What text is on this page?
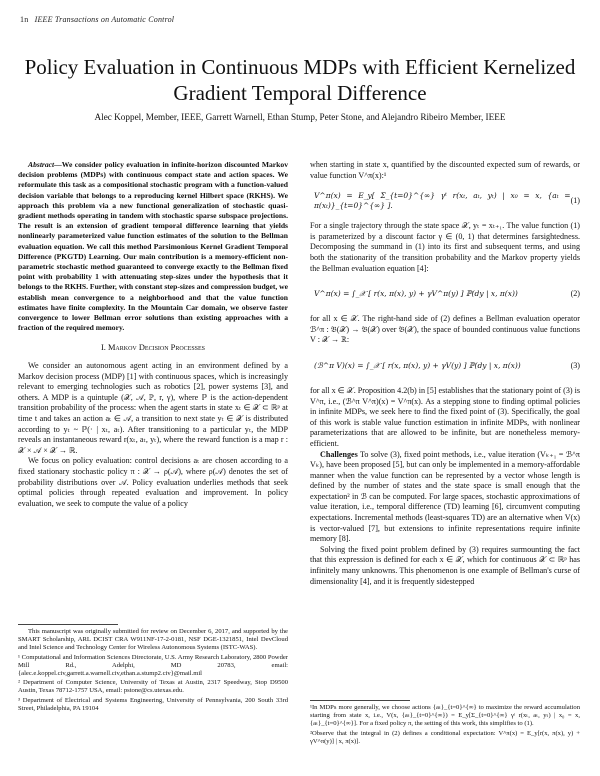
1n IEEE Transactions on Automatic Control
Policy Evaluation in Continuous MDPs with Efficient Kernelized Gradient Temporal Difference
Alec Koppel, Member, IEEE, Garrett Warnell, Ethan Stump, Peter Stone, and Alejandro Ribeiro Member, IEEE

Abstract—We consider policy evaluation in infinite-horizon discounted Markov decision problems (MDPs) with continuous compact state and action spaces. We reformulate this task as a compositional stochastic program with a function-valued decision variable that belongs to a reproducing kernel Hilbert space (RKHS). We approach this problem via a new functional generalization of stochastic quasi-gradient methods operating in tandem with stochastic sparse subspace projections. The result is an extension of gradient temporal difference learning that yields nonlinearly parameterized value function estimates of the solution to the Bellman evaluation equation. We call this method Parsimonious Kernel Gradient Temporal Difference (PKGTD) Learning. Our main contribution is a memory-efficient non-parametric stochastic method guaranteed to converge exactly to the Bellman fixed point with probability 1 with attenuating step-sizes under the hypothesis that it belongs to the RKHS. Further, with constant step-sizes and compression budget, we establish mean convergence to a neighborhood and that the value function estimates have finite complexity. In the Mountain Car domain, we observe faster convergence to lower Bellman error solutions than existing approaches with a fraction of the required memory.

I. Markov Decision Processes

We consider an autonomous agent acting in an environment defined by a Markov decision process (MDP) [1] with continuous spaces, which is increasingly relevant to emerging technologies such as robotics [2], power systems [3], and others. A MDP is a quintuple (𝒳, 𝒜, ℙ, r, γ), where ℙ is the action-dependent transition probability of the process: when the agent starts in state xₜ ∈ 𝒳 ⊂ ℝᵖ at time t and takes an action aₜ ∈ 𝒜, a transition to next state yₜ ∈ 𝒳 is distributed according to yₜ ~ ℙ(· | xₜ, aₜ). After transitioning to a particular yₜ, the MDP reveals an instantaneous reward r(xₜ, aₜ, yₜ), where the reward function is a map r : 𝒳 × 𝒜 × 𝒳 → ℝ.

We focus on policy evaluation: control decisions aₜ are chosen according to a fixed stationary stochastic policy π : 𝒳 → ρ(𝒜), where ρ(𝒜) denotes the set of probability distributions over 𝒜. Policy evaluation underlies methods that seek optimal policies through repeated evaluation and improvement. In policy evaluation, we seek to compute the value of a policy

This manuscript was originally submitted for review on December 6, 2017, and supported by the SMART Scholarship, ARL DCIST CRA W911NF-17-2-0181, NSF DGE-1321851, Intel DevCloud and Intel Science and Technology Center for Wireless Autonomous Systems (ISTC-WAS).

¹ Computational and Information Sciences Directorate, U.S. Army Research Laboratory, 2800 Powder Mill Rd., Adelphi, MD 20783, email: {alec.e.koppel.civ,garrett.a.warnell.civ,ethan.a.stump2.civ}@mail.mil

² Department of Computer Science, University of Texas at Austin, 2317 Speedway, Stop D9500 Austin, Texas 78712-1757 USA, email: pstone@cs.utexas.edu.

³ Department of Electrical and Systems Engineering, University of Pennsylvania, 200 South 33rd Street, Philadelphia, PA 19104

when starting in state x, quantified by the discounted expected sum of rewards, or value function V^π(x):¹

V^π(x) = E_y[ Σ_{t=0}^{∞} γᵗ r(xₜ, aₜ, yₜ) | x₀ = x, {aₜ = π(xₜ)}_{t=0}^{∞} ].
(1)

For a single trajectory through the state space 𝒳, yₜ = xₜ₊₁. The value function (1) is parameterized by a discount factor γ ∈ (0, 1) that determines farsightedness. Decomposing the summand in (1) into its first and subsequent terms, and using both the stationarity of the transition probability and the Markov property yields the Bellman evaluation equation [4]:

V^π(x) = ∫_𝒳 [ r(x, π(x), y) + γV^π(y) ] ℙ(dy | x, π(x))	(2)

for all x ∈ 𝒳. The right-hand side of (2) defines a Bellman evaluation operator ℬ^π : 𝔅(𝒳) → 𝔅(𝒳) over 𝔅(𝒳), the space of bounded continuous value functions V : 𝒳 → ℝ:

(ℬ^π V)(x) = ∫_𝒳 [ r(x, π(x), y) + γV(y) ] ℙ(dy | x, π(x))	(3)

for all x ∈ 𝒳. Proposition 4.2(b) in [5] establishes that the stationary point of (3) is V^π, i.e., (ℬ^π V^π)(x) = V^π(x). As a stepping stone to finding optimal policies in infinite MDPs, we seek here to find the fixed point of (3). Specifically, the goal of this work is stable value function estimation in infinite MDPs, with nonlinear parameterizations that are allowed to be infinite, but are nonetheless memory-efficient.

Challenges To solve (3), fixed point methods, i.e., value iteration (Vₖ₊₁ = ℬ^π Vₖ), have been proposed [5], but can only be implemented in a memory-affordable manner when the value function can be represented by a vector whose length is defined by the number of states and the state space is small enough that the expectation² in ℬ can be computed. For large spaces, stochastic approximations of value iteration, i.e., temporal difference (TD) learning [6], circumvent computing expectations. Incremental methods (least-squares TD) are an alternative when V(x) is vector-valued [7], but extensions to infinite representations require infinite memory [8].

Solving the fixed point problem defined by (3) requires surmounting the fact that this expression is defined for each x ∈ 𝒳, which for continuous 𝒳 ⊂ ℝᵖ has infinitely many unknowns. This phenomenon is one example of Bellman's curse of dimensionality [4], and it is frequently sidestepped

¹In MDPs more generally, we choose actions {aₜ}_{t=0}^{∞} to maximize the reward accumulation starting from state x, i.e., V(x, {aₜ}_{t=0}^{∞}) = E_y[Σ_{t=0}^{∞} γᵗ r(xₜ, aₜ, yₜ) | x₀ = x, {aₜ}_{t=0}^{∞}]. For a fixed policy π, the setting of this work, this simplifies to (1).

²Observe that the integral in (2) defines a conditional expectation: V^π(x) = E_y[r(x, π(x), y) + γV^π(y)] | x, π(x)].
